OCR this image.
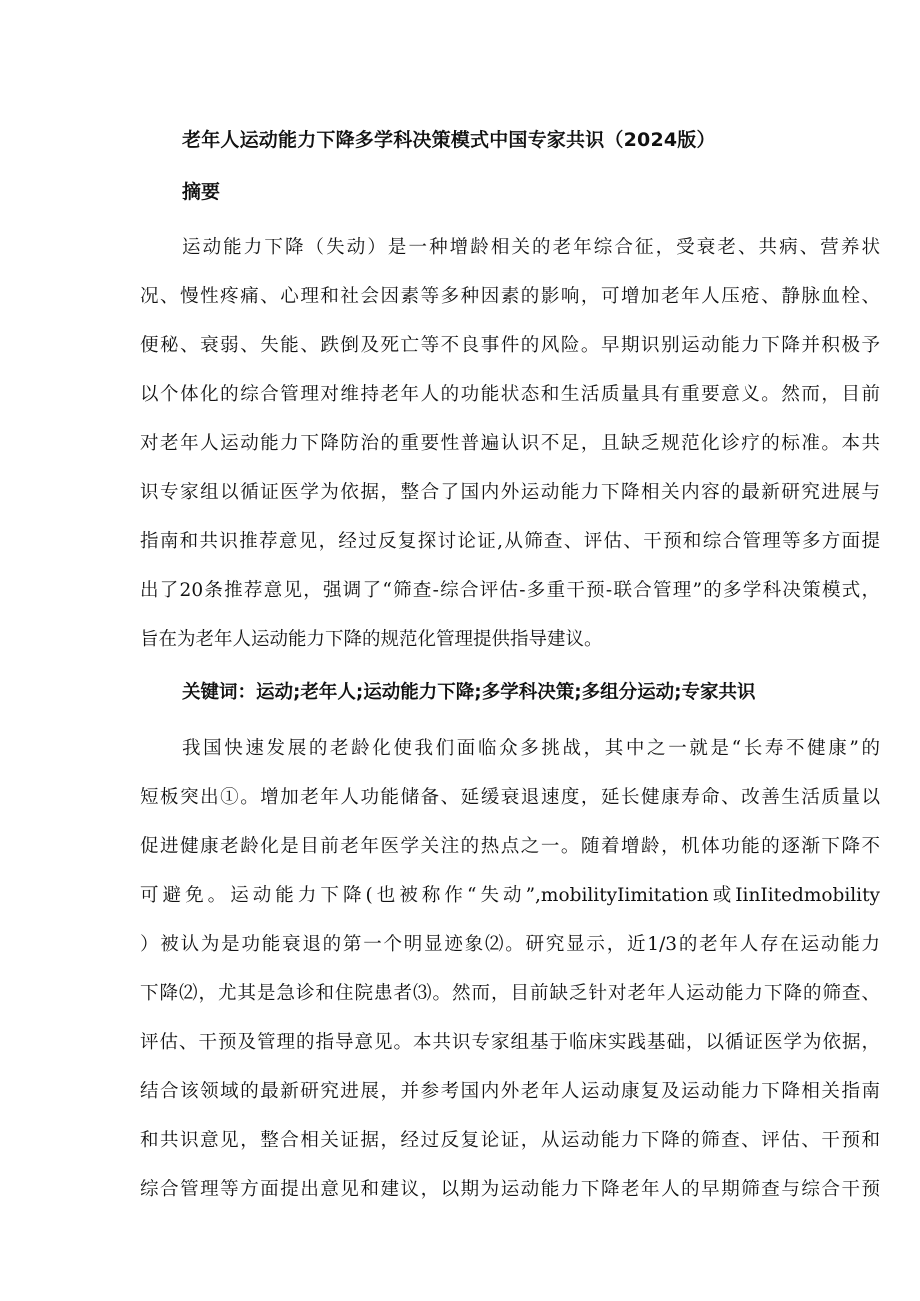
老年人运动能力下降多学科决策模式中国专家共识（2024版）
摘要
运动能力下降（失动）是一种增龄相关的老年综合征，受衰老、共病、营养状
况、慢性疼痛、心理和社会因素等多种因素的影响，可增加老年人压疮、静脉血栓、
便秘、衰弱、失能、跌倒及死亡等不良事件的风险。早期识别运动能力下降并积极予
以个体化的综合管理对维持老年人的功能状态和生活质量具有重要意义。然而，目前
对老年人运动能力下降防治的重要性普遍认识不足，且缺乏规范化诊疗的标准。本共
识专家组以循证医学为依据，整合了国内外运动能力下降相关内容的最新研究进展与
指南和共识推荐意见，经过反复探讨论证,从筛查、评估、干预和综合管理等多方面提
出了20条推荐意见，强调了“筛查-综合评估-多重干预-联合管理”的多学科决策模式，
旨在为老年人运动能力下降的规范化管理提供指导建议。
关键词：运动;老年人;运动能力下降;多学科决策;多组分运动;专家共识
我国快速发展的老龄化使我们面临众多挑战，其中之一就是“长寿不健康”的
短板突出①。增加老年人功能储备、延缓衰退速度，延长健康寿命、改善生活质量以
促进健康老龄化是目前老年医学关注的热点之一。随着增龄，机体功能的逐渐下降不
可避免。运动能力下降(也被称作“失动”,mobilityIimitation或IinIitedmobility
）被认为是功能衰退的第一个明显迹象⑵。研究显示，近1/3的老年人存在运动能力
下降⑵，尤其是急诊和住院患者⑶。然而，目前缺乏针对老年人运动能力下降的筛查、
评估、干预及管理的指导意见。本共识专家组基于临床实践基础，以循证医学为依据，
结合该领域的最新研究进展，并参考国内外老年人运动康复及运动能力下降相关指南
和共识意见，整合相关证据，经过反复论证，从运动能力下降的筛查、评估、干预和
综合管理等方面提出意见和建议，以期为运动能力下降老年人的早期筛查与综合干预
